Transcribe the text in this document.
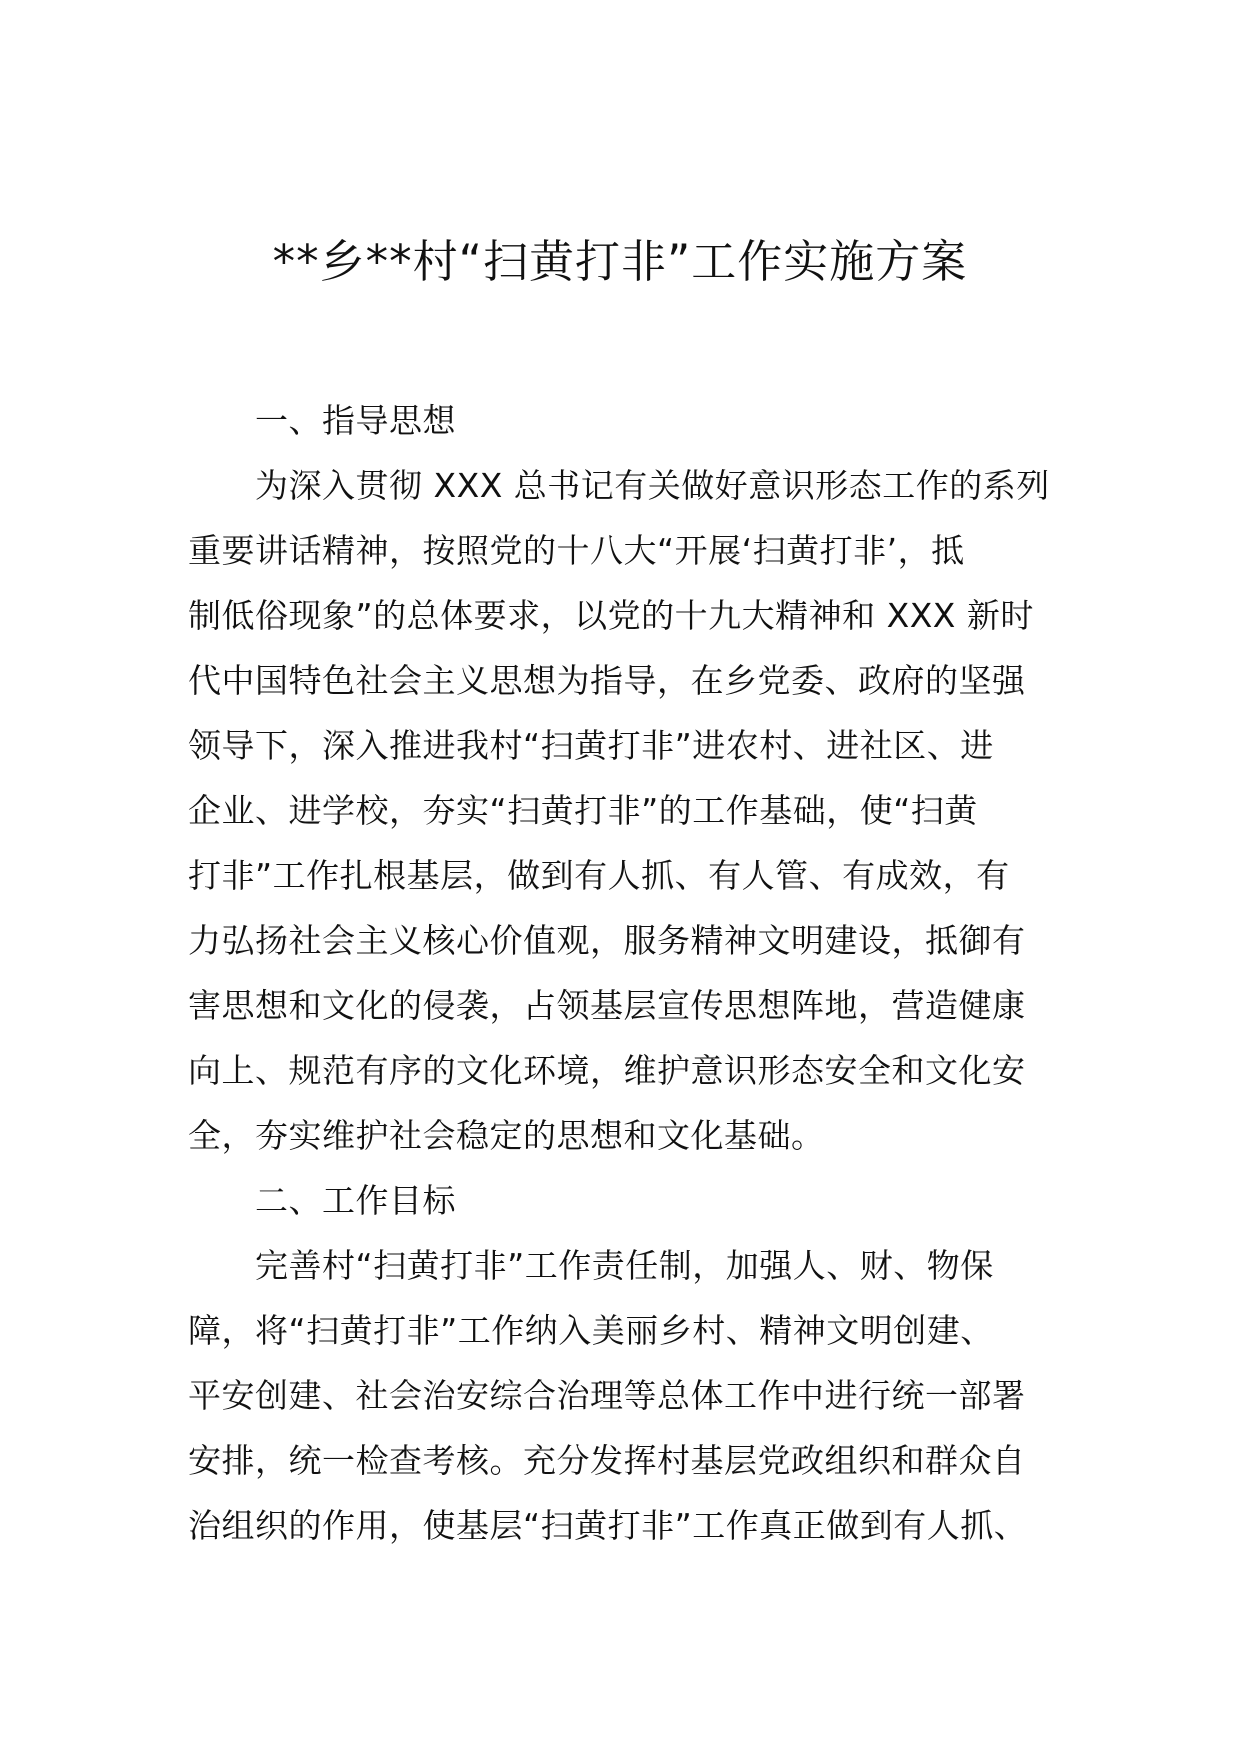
**乡**村“扫黄打非”工作实施方案
一、指导思想
为深入贯彻 XXX 总书记有关做好意识形态工作的系列
重要讲话精神，按照党的十八大“开展‘扫黄打非’，抵
制低俗现象”的总体要求，以党的十九大精神和 XXX 新时
代中国特色社会主义思想为指导，在乡党委、政府的坚强
领导下，深入推进我村“扫黄打非”进农村、进社区、进
企业、进学校，夯实“扫黄打非”的工作基础，使“扫黄
打非”工作扎根基层，做到有人抓、有人管、有成效，有
力弘扬社会主义核心价值观，服务精神文明建设，抵御有
害思想和文化的侵袭，占领基层宣传思想阵地，营造健康
向上、规范有序的文化环境，维护意识形态安全和文化安
全，夯实维护社会稳定的思想和文化基础。
二、工作目标
完善村“扫黄打非”工作责任制，加强人、财、物保
障，将“扫黄打非”工作纳入美丽乡村、精神文明创建、
平安创建、社会治安综合治理等总体工作中进行统一部署
安排，统一检查考核。充分发挥村基层党政组织和群众自
治组织的作用，使基层“扫黄打非”工作真正做到有人抓、
